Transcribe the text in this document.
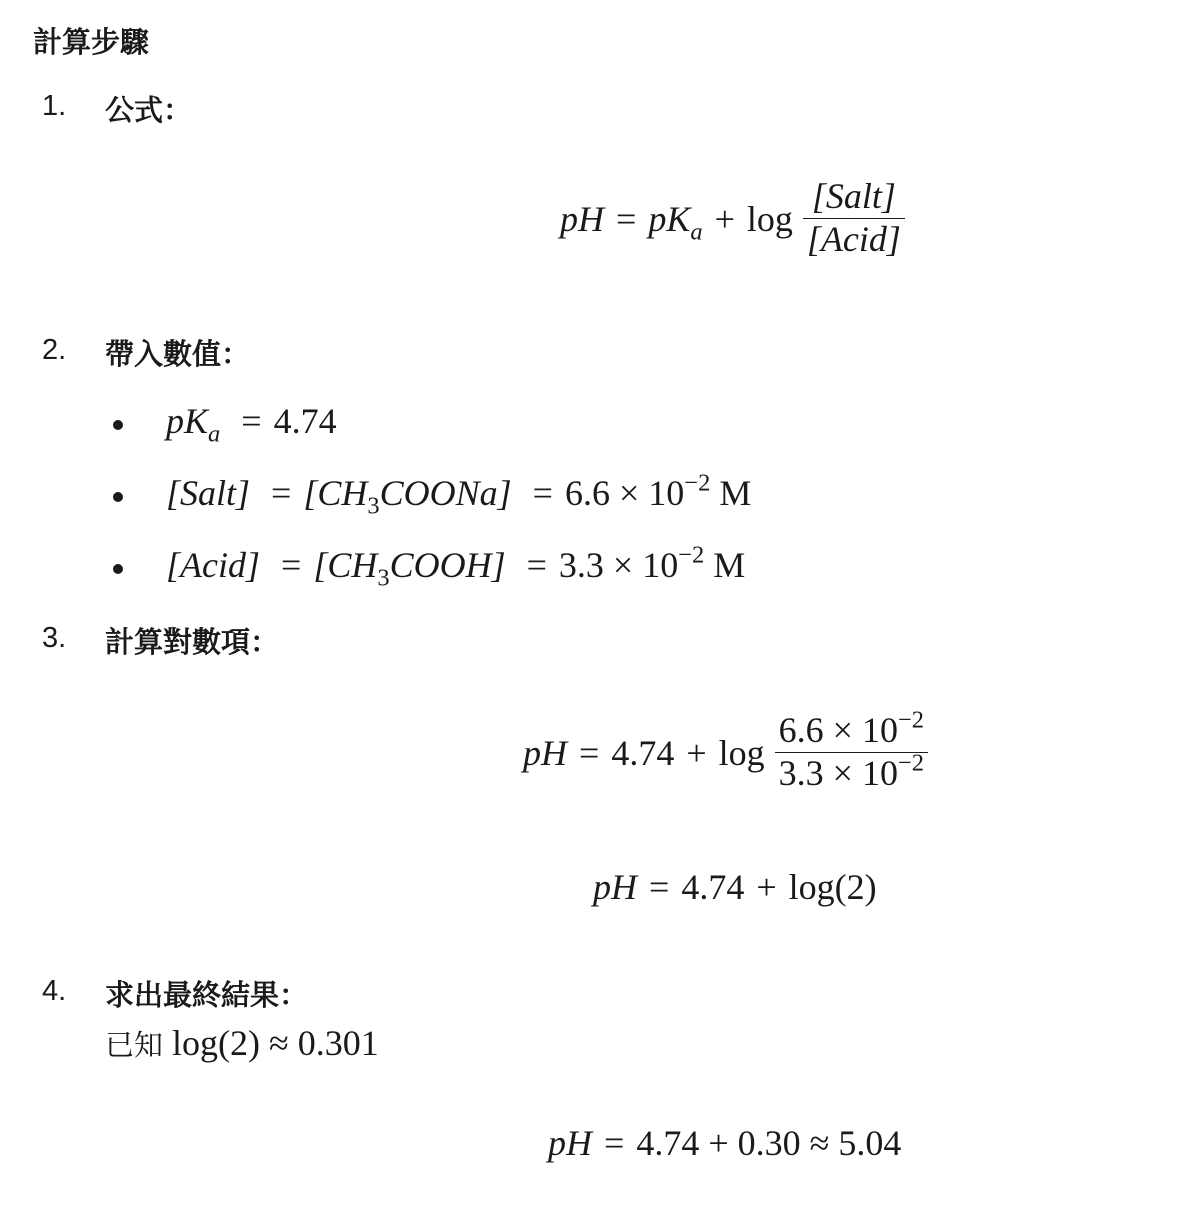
計算步驟
1. 公式：
pH = $pK_a + \log \frac{\text{[Salt]}}{\text{[Acid]}}$
2. 帶入數值：
$pK_a = 4.74$
[Salt] = $[CH_3COONa] = 6.6 \times 10^{-2}$ M
[Acid] = $[CH_3COOH] = 3.3 \times 10^{-2}$ M
3. 計算對數項：
pH = $4.74 + \log \frac{6.6 \times 10^{-2}}{3.3 \times 10^{-2}}$
pH = 4.74 + log(2)
4. 求出最終結果：
已知 log(2) ≈ 0.301
pH = 4.74 + 0.30 ≈ 5.04
